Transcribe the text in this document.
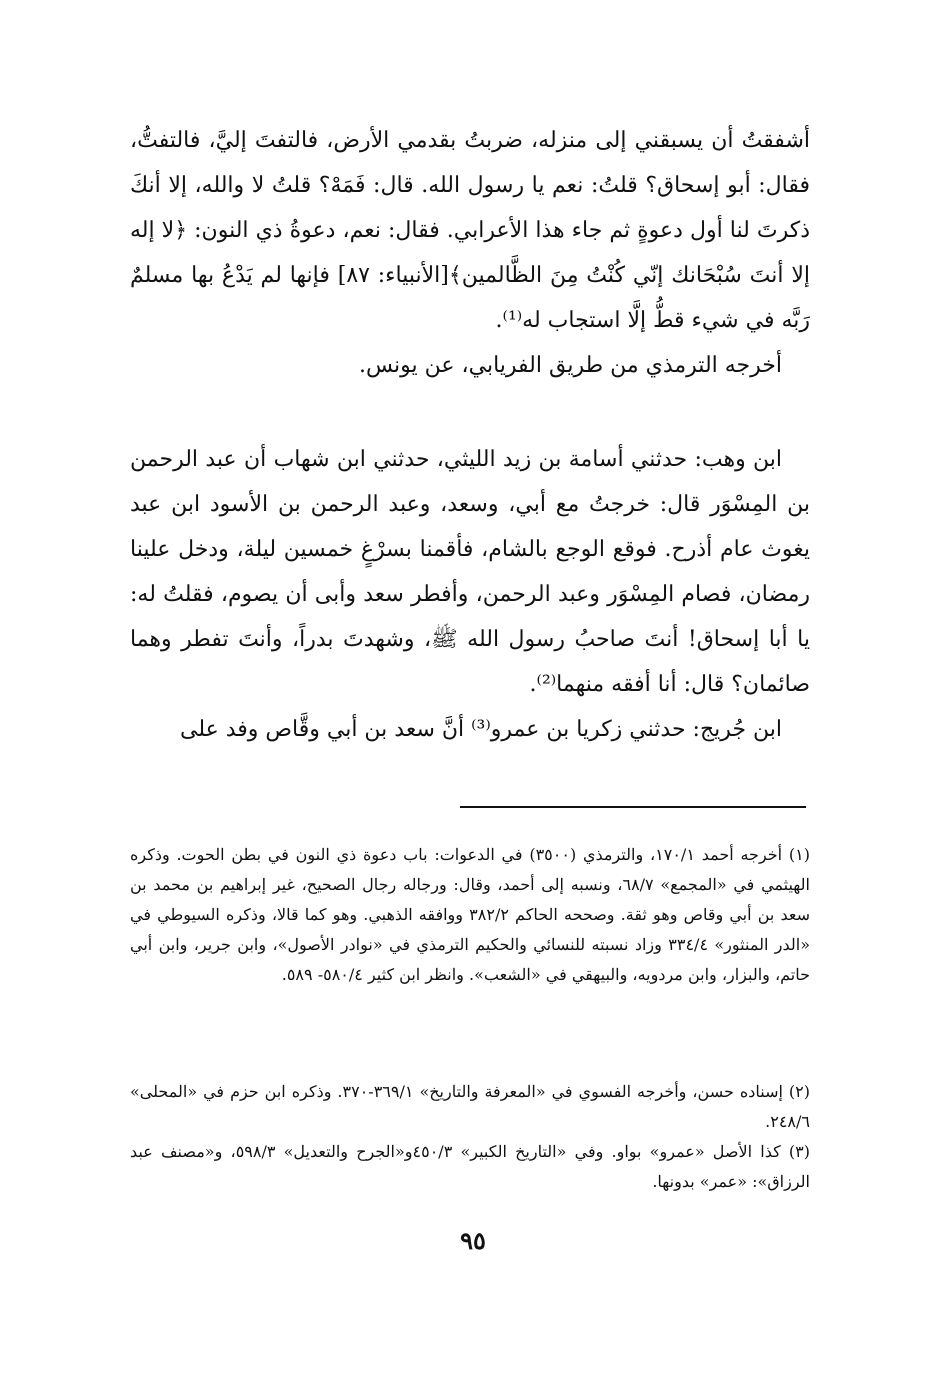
أشفقتُ أن يسبقني إلى منزله، ضربتُ بقدمي الأرض، فالتفتَ إليَّ، فالتفتُّ، فقال: أبو إسحاق؟ قلتُ: نعم يا رسول الله. قال: فَمَهْ؟ قلتُ لا والله، إلا أنكَ ذكرتَ لنا أول دعوةٍ ثم جاء هذا الأعرابي. فقال: نعم، دعوةُ ذي النون: ﴿لا إله إلا أنتَ سُبْحَانك إنّي كُنْتُ مِنَ الظَّالمين﴾[الأنبياء: ٨٧] فإنها لم يَدْعُ بها مسلمٌ رَبَّه في شيء قطُّ إلَّا استجاب له⁽¹⁾.

أخرجه الترمذي من طريق الفريابي، عن يونس.

ابن وهب: حدثني أسامة بن زيد الليثي، حدثني ابن شهاب أن عبد الرحمن بن المِسْوَر قال: خرجتُ مع أبي، وسعد، وعبد الرحمن بن الأسود ابن عبد يغوث عام أذرح. فوقع الوجع بالشام، فأقمنا بسرْغٍ خمسين ليلة، ودخل علينا رمضان، فصام المِسْوَر وعبد الرحمن، وأفطر سعد وأبى أن يصوم، فقلتُ له: يا أبا إسحاق! أنتَ صاحبُ رسول الله ﷺ، وشهدتَ بدراً، وأنتَ تفطر وهما صائمان؟ قال: أنا أفقه منهما⁽²⁾.

ابن جُريج: حدثني زكريا بن عمرو⁽³⁾ أنَّ سعد بن أبي وقَّاص وفد على

(١) أخرجه أحمد ١٧٠/١، والترمذي (٣٥٠٠) في الدعوات: باب دعوة ذي النون في بطن الحوت. وذكره الهيثمي في «المجمع» ٦٨/٧، ونسبه إلى أحمد، وقال: ورجاله رجال الصحيح، غير إبراهيم بن محمد بن سعد بن أبي وقاص وهو ثقة. وصححه الحاكم ٣٨٢/٢ ووافقه الذهبي. وهو كما قالا، وذكره السيوطي في «الدر المنثور» ٣٣٤/٤ وزاد نسبته للنسائي والحكيم الترمذي في «نوادر الأصول»، وابن جرير، وابن أبي حاتم، والبزار، وابن مردويه، والبيهقي في «الشعب». وانظر ابن كثير ٥٨٠/٤- ٥٨٩.

(٢) إسناده حسن، وأخرجه الفسوي في «المعرفة والتاريخ» ٣٦٩/١-٣٧٠. وذكره ابن حزم في «المحلى» ٢٤٨/٦.

(٣) كذا الأصل «عمرو» بواو. وفي «التاريخ الكبير» ٤٥٠/٣و«الجرح والتعديل» ٥٩٨/٣، و«مصنف عبد الرزاق»: «عمر» بدونها.

٩٥
